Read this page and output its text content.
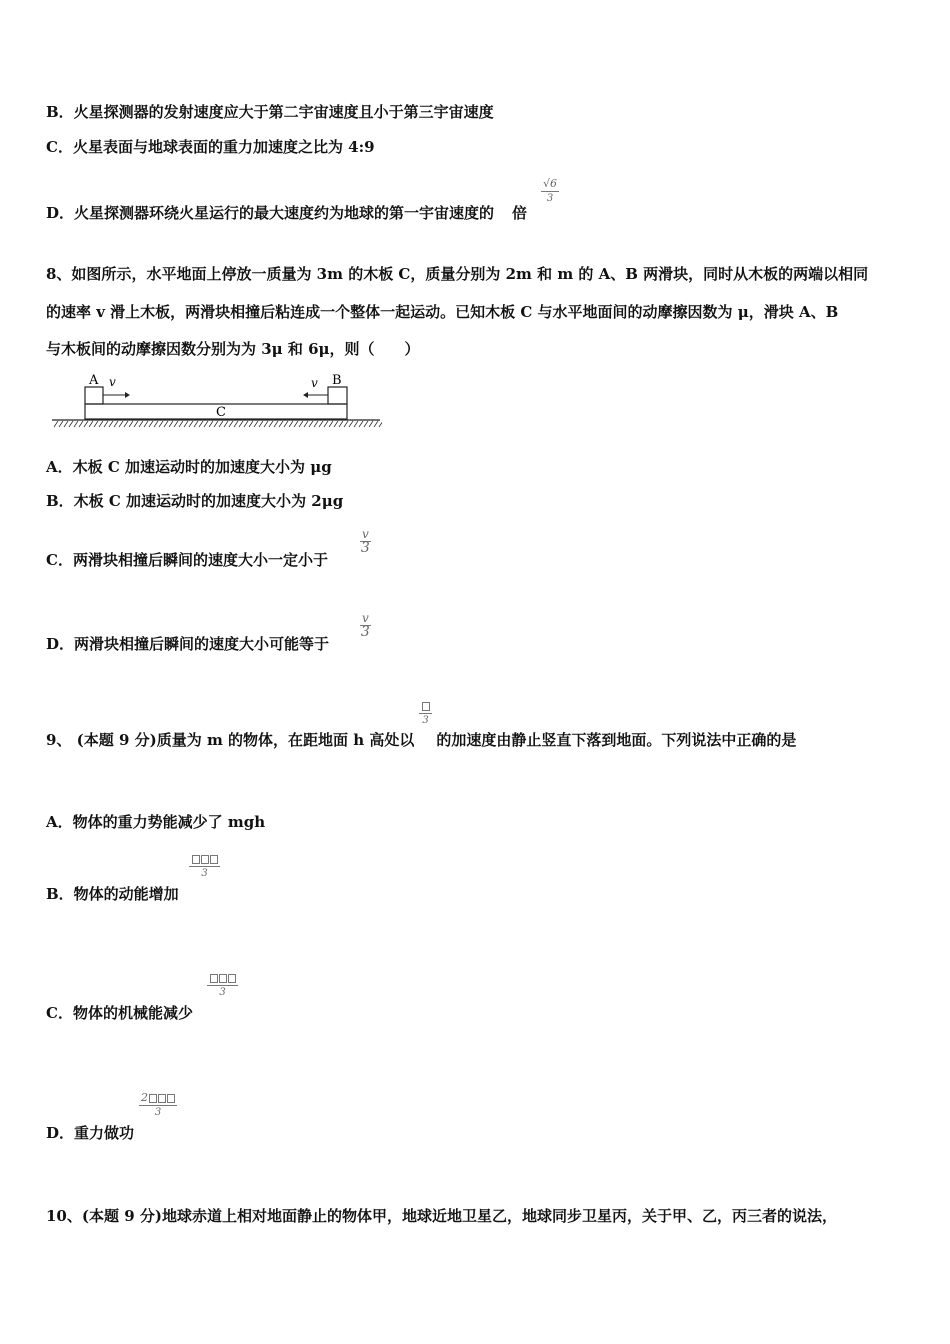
B．火星探测器的发射速度应大于第二宇宙速度且小于第三宇宙速度
C．火星表面与地球表面的重力加速度之比为 4:9
D．火星探测器环绕火星运行的最大速度约为地球的第一宇宙速度的 倍
√6
3
8、如图所示，水平地面上停放一质量为 3m 的木板 C，质量分别为 2m 和 m 的 A、B 两滑块，同时从木板的两端以相同
的速率 v 滑上木板，两滑块相撞后粘连成一个整体一起运动。已知木板 C 与水平地面间的动摩擦因数为 μ，滑块 A、B
与木板间的动摩擦因数分别为为 3μ 和 6μ，则（　　）
A v	v B
C
A．木板 C 加速运动时的加速度大小为 μg
B．木板 C 加速运动时的加速度大小为 2μg
C．两滑块相撞后瞬间的速度大小一定小于
v
3
D．两滑块相撞后瞬间的速度大小可能等于
v
3
9、 (本题 9 分)质量为 m 的物体，在距地面 h 高处以 的加速度由静止竖直下落到地面。下列说法中正确的是
3
A．物体的重力势能减少了 mgh
B．物体的动能增加
3
C．物体的机械能减少
3
D．重力做功
2
3
10、(本题 9 分)地球赤道上相对地面静止的物体甲，地球近地卫星乙，地球同步卫星丙，关于甲、乙，丙三者的说法，
